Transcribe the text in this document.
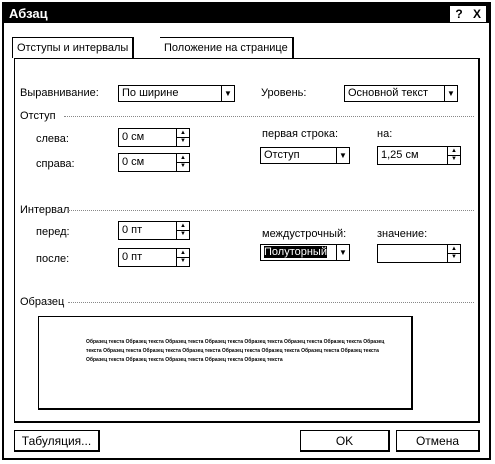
Абзац	? X
Отступы и интервалы	Положение на странице
Выравнивание: По ширине	▼	Уровень:	Основной текст	▼
Отступ
слева:	0 см	▲
▼
справа:	0 см	▲
▼
первая строка:
Отступ	▼
на:
1,25 см	▲
▼
Интервал
перед:	0 пт	▲
▼
после:	0 пт	▲
▼
междустрочный:
Полуторный	▼
значение:
▲
▼
Образец
Образец текста Образец текста Образец текста Образец текста Образец текста Образец текста Образец текста Образец текста Образец текста Образец текста Образец текста Образец текста Образец текста Образец текста Образец текста Образец текста Образец текста Образец текста Образец текста Образец текста
Табуляция...	OK	Отмена
